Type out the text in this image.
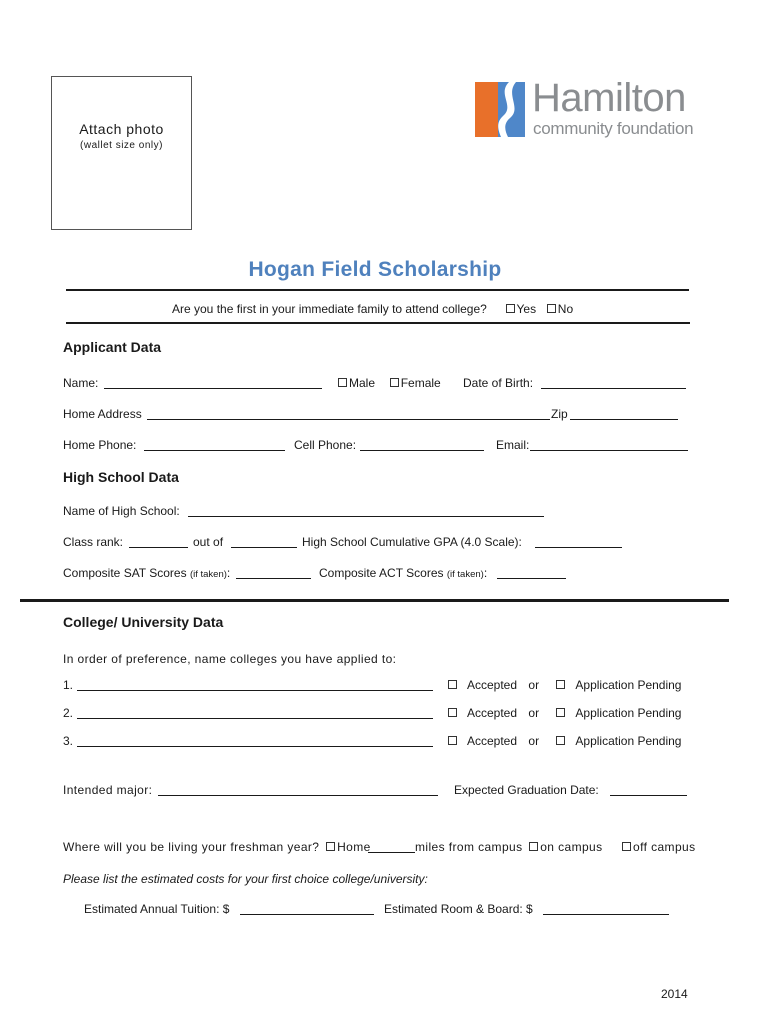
Attach photo
(wallet size only)
Hamilton
community foundation
Hogan Field Scholarship
Are you the first in your immediate family to attend college? Yes No
Applicant Data
Name:	Male Female Date of Birth:
Home Address	Zip
Home Phone:	Cell Phone:	Email:
High School Data
Name of High School:
Class rank:	out of	High School Cumulative GPA (4.0 Scale):
Composite SAT Scores (if taken):	Composite ACT Scores (if taken):
College/ University Data
In order of preference, name colleges you have applied to:
1.	Accepted or	Application Pending
2.	Accepted or	Application Pending
3.	Accepted or	Application Pending
Intended major:	Expected Graduation Date:
Where will you be living your freshman year? Home	miles from campus on campus	off campus
Please list the estimated costs for your first choice college/university:
Estimated Annual Tuition: $	Estimated Room & Board: $
2014
